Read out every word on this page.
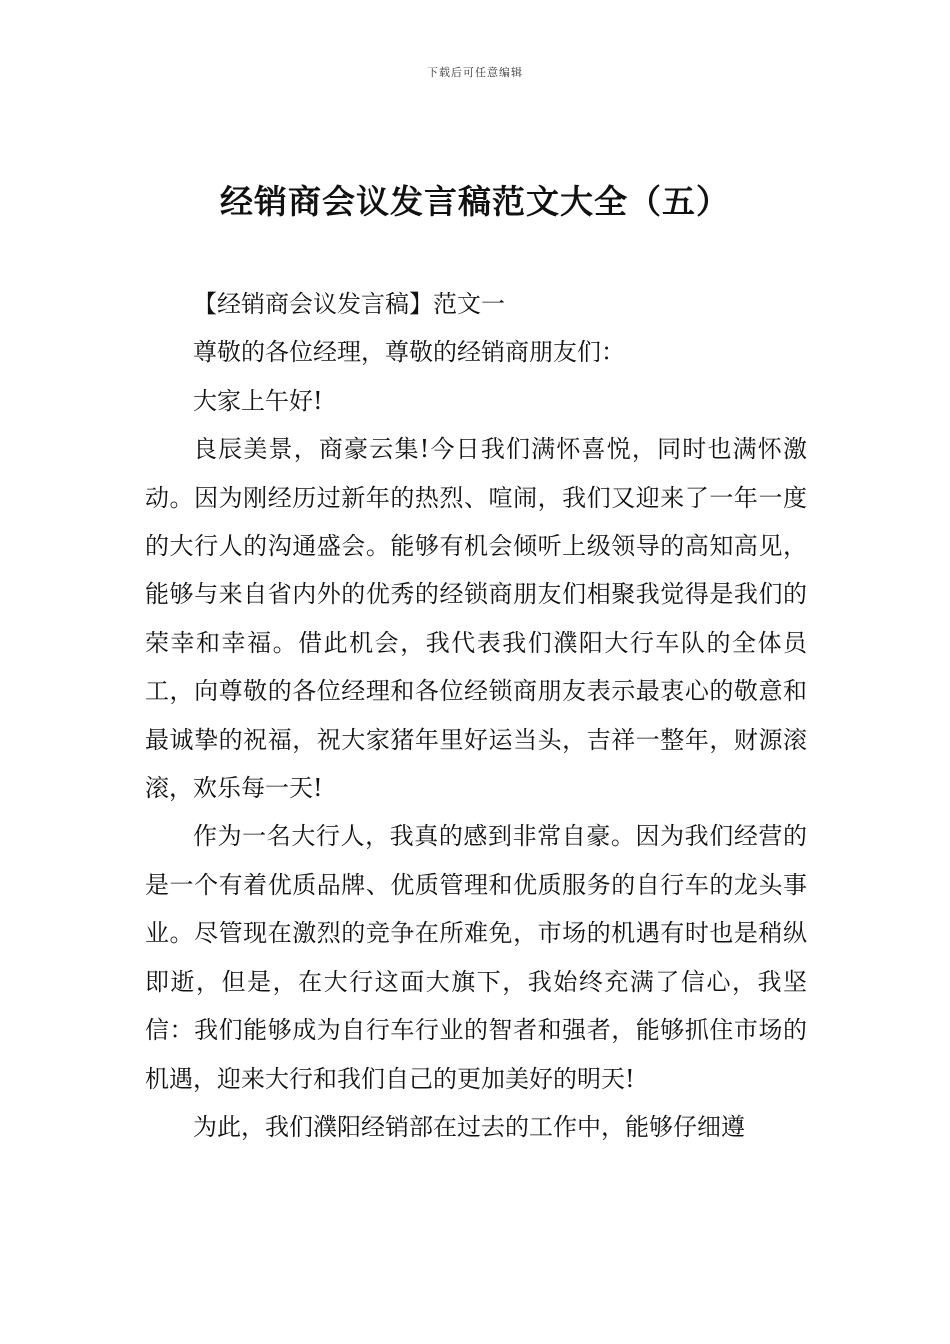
下载后可任意编辑
经销商会议发言稿范文大全（五）

【经销商会议发言稿】范文一

尊敬的各位经理，尊敬的经销商朋友们：

大家上午好!

良辰美景，商豪云集!今日我们满怀喜悦，同时也满怀激动。因为刚经历过新年的热烈、喧闹，我们又迎来了一年一度的大行人的沟通盛会。能够有机会倾听上级领导的高知高见，能够与来自省内外的优秀的经锁商朋友们相聚我觉得是我们的荣幸和幸福。借此机会，我代表我们濮阳大行车队的全体员工，向尊敬的各位经理和各位经锁商朋友表示最衷心的敬意和最诚挚的祝福，祝大家猪年里好运当头，吉祥一整年，财源滚滚，欢乐每一天!

作为一名大行人，我真的感到非常自豪。因为我们经营的是一个有着优质品牌、优质管理和优质服务的自行车的龙头事业。尽管现在激烈的竞争在所难免，市场的机遇有时也是稍纵即逝，但是，在大行这面大旗下，我始终充满了信心，我坚信：我们能够成为自行车行业的智者和强者，能够抓住市场的机遇，迎来大行和我们自己的更加美好的明天!

为此，我们濮阳经销部在过去的工作中，能够仔细遵
